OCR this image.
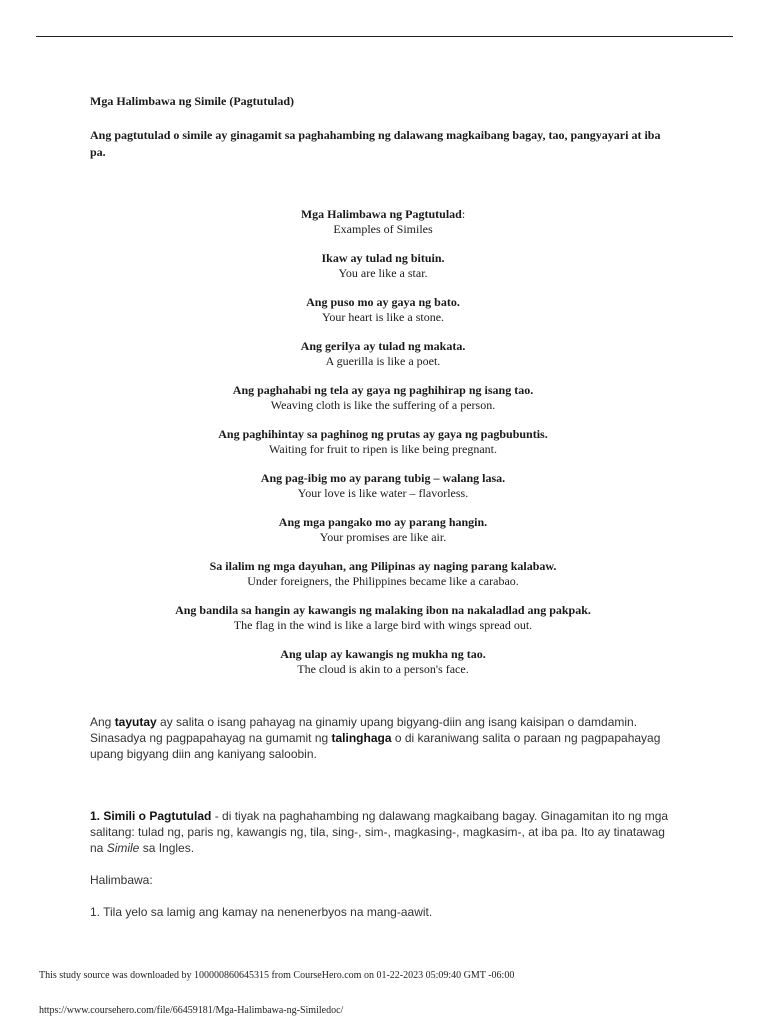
Mga Halimbawa ng Simile (Pagtutulad)

Ang pagtutulad o simile ay ginagamit sa paghahambing ng dalawang magkaibang bagay, tao, pangyayari at iba pa.

Mga Halimbawa ng Pagtutulad:
Examples of Similes
Ikaw ay tulad ng bituin.
You are like a star.
Ang puso mo ay gaya ng bato.
Your heart is like a stone.
Ang gerilya ay tulad ng makata.
A guerilla is like a poet.
Ang paghahabi ng tela ay gaya ng paghihirap ng isang tao.
Weaving cloth is like the suffering of a person.
Ang paghihintay sa paghinog ng prutas ay gaya ng pagbubuntis.
Waiting for fruit to ripen is like being pregnant.
Ang pag-ibig mo ay parang tubig – walang lasa.
Your love is like water – flavorless.
Ang mga pangako mo ay parang hangin.
Your promises are like air.
Sa ilalim ng mga dayuhan, ang Pilipinas ay naging parang kalabaw.
Under foreigners, the Philippines became like a carabao.
Ang bandila sa hangin ay kawangis ng malaking ibon na nakaladlad ang pakpak.
The flag in the wind is like a large bird with wings spread out.
Ang ulap ay kawangis ng mukha ng tao.
The cloud is akin to a person's face.
Ang tayutay ay salita o isang pahayag na ginamiy upang bigyang-diin ang isang kaisipan o damdamin. Sinasadya ng pagpapahayag na gumamit ng talinghaga o di karaniwang salita o paraan ng pagpapahayag upang bigyang diin ang kaniyang saloobin.
1. Simili o Pagtutulad - di tiyak na paghahambing ng dalawang magkaibang bagay. Ginagamitan ito ng mga salitang: tulad ng, paris ng, kawangis ng, tila, sing-, sim-, magkasing-, magkasim-, at iba pa. Ito ay tinatawag na Simile sa Ingles.
Halimbawa:
1. Tila yelo sa lamig ang kamay na nenenerbyos na mang-aawit.
This study source was downloaded by 100000860645315 from CourseHero.com on 01-22-2023 05:09:40 GMT -06:00
https://www.coursehero.com/file/66459181/Mga-Halimbawa-ng-Similedoc/
